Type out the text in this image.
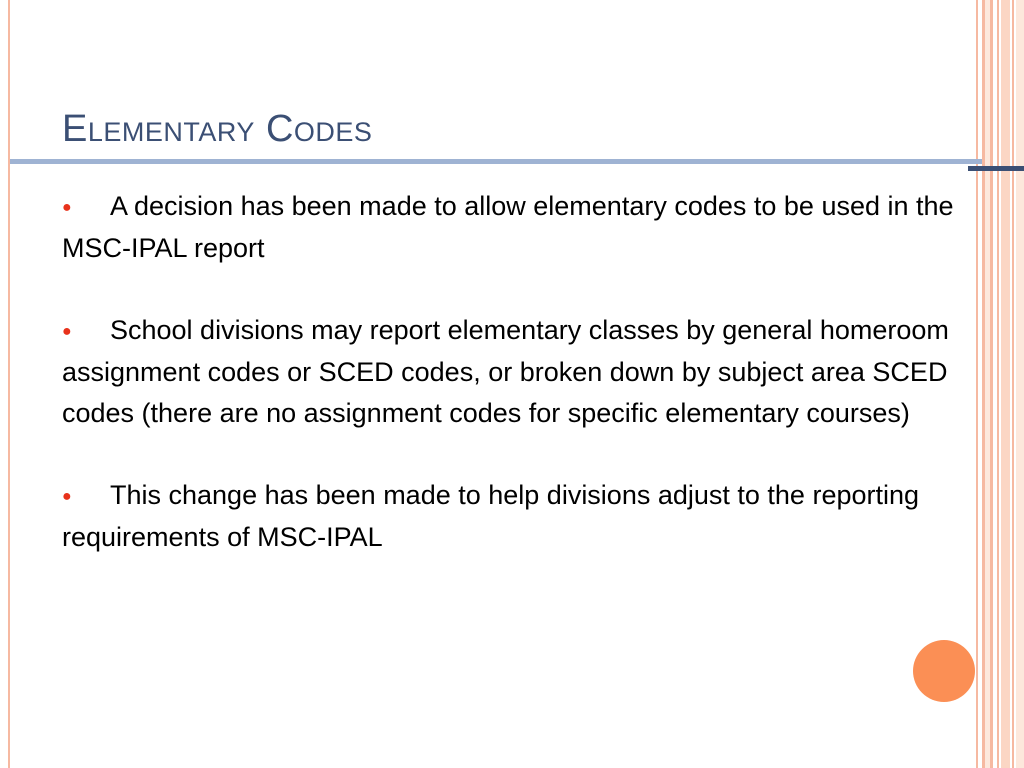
Elementary Codes

● A decision has been made to allow elementary codes to be used in the MSC-IPAL report

● School divisions may report elementary classes by general homeroom assignment codes or SCED codes, or broken down by subject area SCED codes (there are no assignment codes for specific elementary courses)

● This change has been made to help divisions adjust to the reporting requirements of MSC-IPAL
